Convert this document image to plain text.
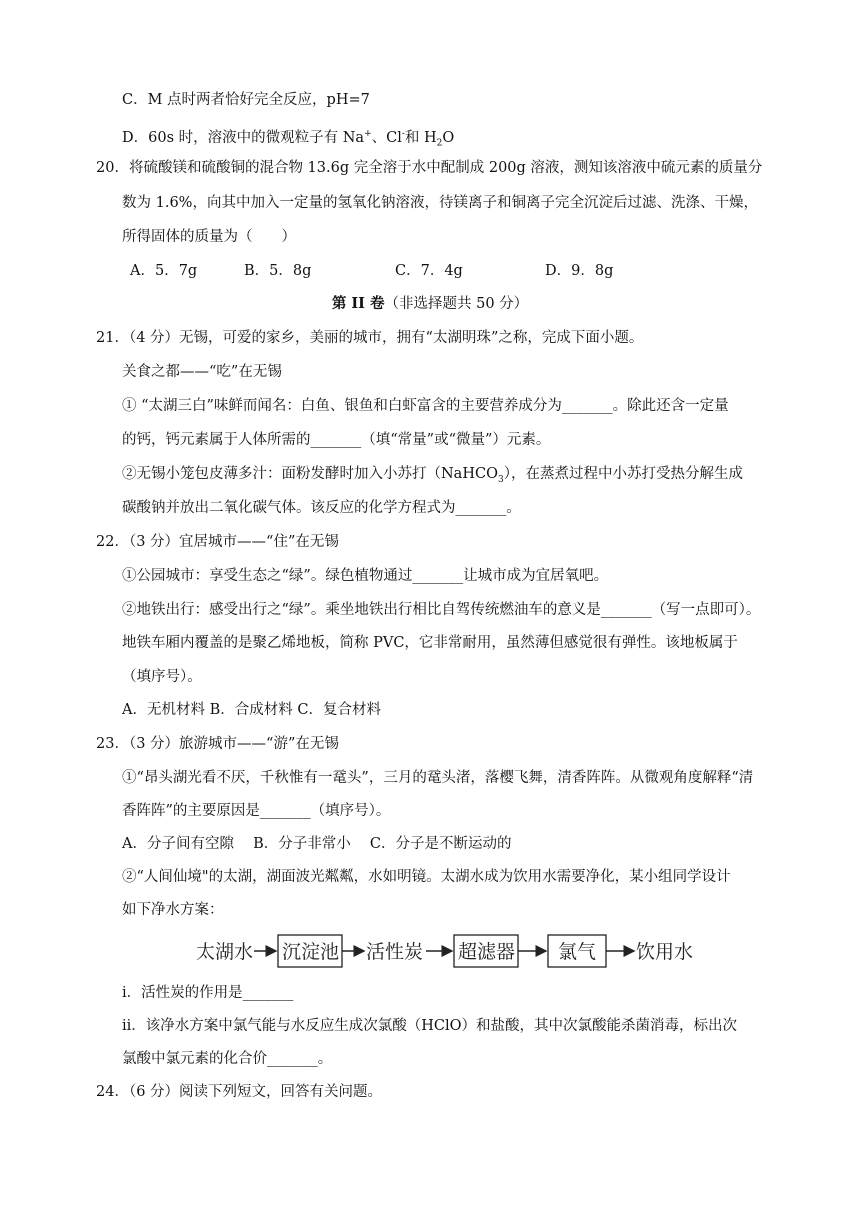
C．M 点时两者恰好完全反应，pH=7
D．60s 时，溶液中的微观粒子有 Na+、Cl-和 $H_2O$
20．将硫酸镁和硫酸铜的混合物 13.6g 完全溶于水中配制成 200g 溶液，测知该溶液中硫元素的质量分
数为 1.6%，向其中加入一定量的氢氧化钠溶液，待镁离子和铜离子完全沉淀后过滤、洗涤、干燥，
所得固体的质量为（　　）
A．5．7g	B．5．8g	C．7．4g	D．9．8g
第 II 卷（非选择题共 50 分）
21．（4 分）无锡，可爱的家乡，美丽的城市，拥有“太湖明珠”之称，完成下面小题。
关食之都——“吃”在无锡
① “太湖三白”味鲜而闻名：白鱼、银鱼和白虾富含的主要营养成分为_______。除此还含一定量
的钙，钙元素属于人体所需的_______（填“常量”或“微量”）元素。
②无锡小笼包皮薄多汁：面粉发酵时加入小苏打（NaHCO$_3$），在蒸煮过程中小苏打受热分解生成
碳酸钠并放出二氧化碳气体。该反应的化学方程式为_______。
22．（3 分）宜居城市——“住”在无锡
①公园城市：享受生态之“绿”。绿色植物通过_______让城市成为宜居氧吧。
②地铁出行：感受出行之“绿”。乘坐地铁出行相比自驾传统燃油车的意义是_______（写一点即可）。
地铁车厢内覆盖的是聚乙烯地板，简称 PVC，它非常耐用，虽然薄但感觉很有弹性。该地板属于
（填序号）。
A．无机材料 B．合成材料 C．复合材料
23．（3 分）旅游城市——“游”在无锡
①“昂头湖光看不厌，千秋惟有一鼋头”，三月的鼋头渚，落樱飞舞，清香阵阵。从微观角度解释“清
香阵阵”的主要原因是_______（填序号）。
A．分子间有空隙　 B．分子非常小　 C．分子是不断运动的
②“人间仙境"的太湖，湖面波光粼粼，水如明镜。太湖水成为饮用水需要净化，某小组同学设计
如下净水方案：
太湖水 沉淀池 活性炭 超滤器 氯气 饮用水
i．活性炭的作用是_______
ii．该净水方案中氯气能与水反应生成次氯酸（HClO）和盐酸，其中次氯酸能杀菌消毒，标出次
氯酸中氯元素的化合价_______。
24．（6 分）阅读下列短文，回答有关问题。
